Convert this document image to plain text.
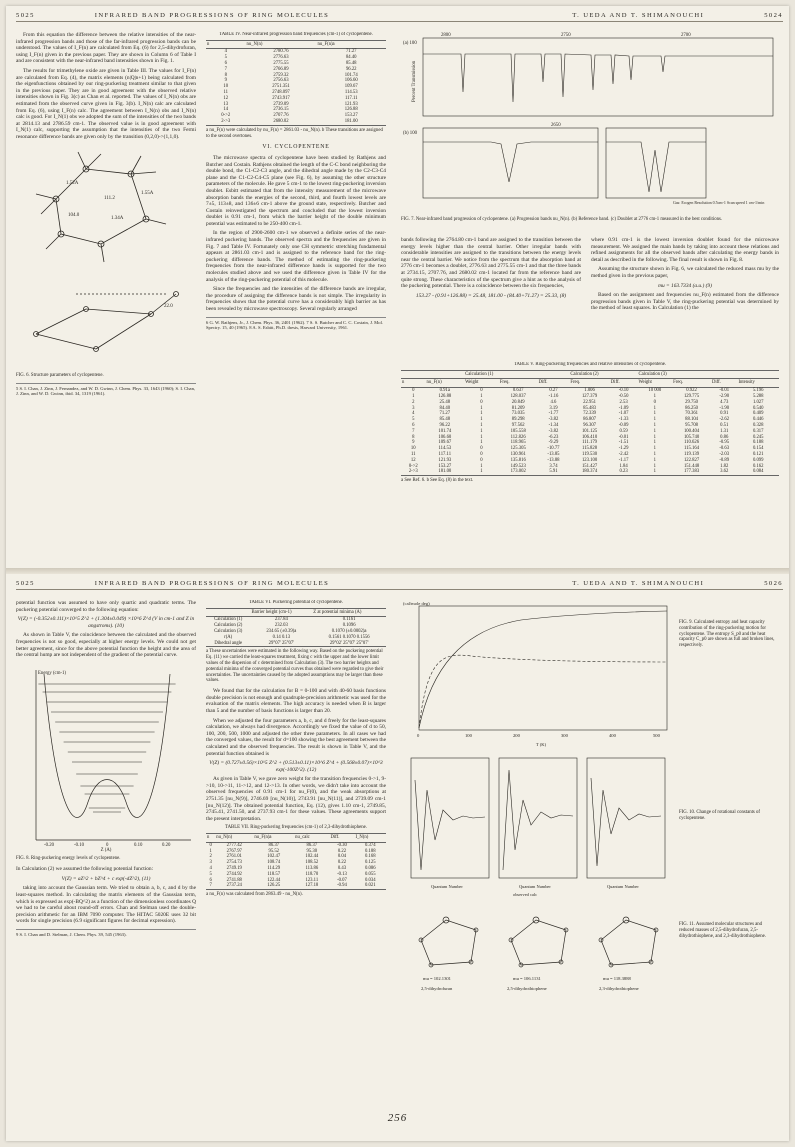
5025	INFRARED BAND PROGRESSIONS OF RING MOLECULES	T. UEDA AND T. SHIMANOUCHI	5024

From this equation the difference between the relative intensities of the near-infrared progression bands and those of the far-infrared progression bands can be understood. The values of I_F(n) are calculated from Eq. (6) for 2,5-dihydrofuran, using I_F(n) given in the previous paper. They are shown in Column 6 of Table I and are consistent with the near-infrared band intensities shown in Fig. 1.

The results for trimethylene oxide are given in Table III. The values for I_F(n) are calculated from Eq. (4), the matrix elements (n|Q|n+1) being calculated from the eigenfunctions obtained by our ring-puckering treatment similar to that given in the previous paper. They are in good agreement with the observed relative intensities shown in Fig. 3(c) as Chan et al. reported. The values of I_N(n) obs are estimated from the observed curve given in Fig. 3(b). I_N(n) calc are calculated from Eq. (6), using I_F(n) calc. The agreement between I_N(n) obs and I_N(n) calc is good. For I_N(1) obs we adopted the sum of the intensities of the two bands at 2814.13 and 2786.59 cm-1. The observed value is in good agreement with I_N(1) calc, supporting the assumption that the intensities of the two Fermi resonance difference bands are given only by the transition (0,2,0)->(1,1,0).

1.52A
1.55A
1.34A
104.0
111.2
22.0
FIG. 6. Structure parameters of cyclopentene.
5 S. I. Chan, J. Zinn, J. Fernandez, and W. D. Gwinn, J. Chem. Phys. 33, 1643 (1960); S. I. Chan, J. Zinn, and W. D. Gwinn, ibid. 34, 1319 (1961).
TABLE IV. Near-infrared progression band frequencies (cm-1) of cyclopentene.
n	nu_N(n)	nu_F(n)a
4	2780.76	71.27
5	2776.63	84.40
6	2775.55	85.48
7	2766.89	96.22
8	2759.32	101.74
9	2756.63	106.60
10	2751.351	109.67
11	2748.097	114.53
12	2743.917	117.11
13	2739.09	121.93
14	2736.15	126.88
0->2	2707.76	153.27
2->3	2680.02	181.00
a nu_F(n) were calculated by nu_F(n) = 2861.03 - nu_N(n). b These transitions are assigned to the second overtones.
VI. CYCLOPENTENE

The microwave spectra of cyclopentene have been studied by Rathjens and Butcher and Costain. Rathjens obtained the length of the C-C bond neighboring the double bond, the C1-C2-C3 angle, and the dihedral angle made by the C2-C3-C4 plane and the C1-C2-C4-C5 plane (see Fig. 6), by assuming the other structure parameters of the molecule. He gave 5 cm-1 to the lowest ring-puckering inversion doublet. Esbitt estimated that from the intensity measurement of the microwave absorption bands the energies of the second, third, and fourth lowest levels are 7±5, 113±8, and 136±6 cm-1 above the ground state, respectively. Butcher and Costain reinvestigated the spectrum and concluded that the lowest inversion doublet is 0.91 cm-1, from which the barrier height of the double minimum potential was estimated to be 250-400 cm-1.

In the region of 2900-2600 cm-1 we observed a definite series of the near-infrared puckering bands. The observed spectra and the frequencies are given in Fig. 7 and Table IV. Fortunately only one CH symmetric stretching fundamental appears at 2861.03 cm-1 and is assigned to the reference band for the ring-puckering difference bands. The method of estimating the ring-puckering frequencies from the near-infrared difference bands is supported for the two molecules studied above and we used the difference given in Table IV for the analysis of the ring-puckering potential of this molecule.

Since the frequencies and the intensities of the difference bands are irregular, the procedure of assigning the difference bands is not simple. The irregularity in frequencies shows that the potential curve has a considerably high barrier as has been revealed by microwave spectroscopy. Several regularly arranged

6 G. W. Rathjens, Jr., J. Chem. Phys. 36, 2401 (1962). 7 S. S. Butcher and C. C. Costain, J. Mol. Spectry. 15, 40 (1965). 8 A. S. Esbitt, Ph.D. thesis, Harvard University, 1961.
(a) 100
(b) 100
2800	2750	2700
2650
Gas: Ecogen Resolution 0.5cm-1 Scan speed 1 cm-1/min
Percent Transmission
FIG. 7. Near-infrared band progression of cyclopentene. (a) Progression bands nu_N(n). (b) Reference band. (c) Doublet at 2776 cm-1 measured in the best conditions.

bands following the 2764.80 cm-1 band are assigned to the transition between the energy levels higher than the central barrier. Other irregular bands with considerable intensities are assigned to the transitions between the energy levels near the central barrier. We notice from the spectrum that the absorption band at 2776 cm-1 becomes a doublet, 2776.63 and 2775.55 cm-1 and that the three bands at 2734.15, 2707.76, and 2680.02 cm-1 located far from the reference band are quite strong. These characteristics of the spectrum give a hint as to the analysis of the puckering potential. There is a coincidence between the six frequencies,

153.27 - (0.91+126.88) = 25.48, 181.00 - (84.40+71.27) = 25.33, (8)

where 0.91 cm-1 is the lowest inversion doublet found for the microwave measurement. We assigned the main bands by taking into account these relations and refined assignments for all the observed bands after calculating the energy bands in detail as described in the following. The final result is shown in Fig. 8.

Assuming the structure shown in Fig. 6, we calculated the reduced mass mu by the method given in the previous paper,

mu = 163.7334 (a.u.) (9)

Based on the assignment and frequencies nu_F(n) estimated from the difference progression bands given in Table V, the ring-puckering potential was determined by the method of least squares. In Calculation (1) the

TABLE V. Ring-puckering frequencies and relative intensities of cyclopentene.
		Calculation (1)			Calculation (2)		Calculation (3)			
n	nu_F(n)	Weight	Freq.	Diff.	Freq.	Diff.	Weight	Freq.	Diff.	Intensity
0	0.91a	0	0.637	0.27	1.006	-0.10	10 000	0.922	-0.01	5.196
1	126.88	1	128.037	-1.16	127.379	-0.50	1	129.775	-2.90	5.288
2	25.48	0	20.849	4.6	22.951	2.53	0	29.750	4.73	1.027
3	84.40	1	81.209	3.19	85.483	-1.09	1	86.250	-1.90	0.540
4	71.27	1	73.035	-1.77	72.339	-1.07	1	70.361	0.91	0.409
5	85.48	1	89.298	-3.82	86.807	-1.33	1	88.104	-2.62	0.446
6	96.22	1	97.562	-1.34	96.307	-0.09	1	95.708	0.51	0.328
7	101.74	1	105.558	-3.82	101.125	0.59	1	100.404	1.31	0.317
8	106.60	1	112.826	-6.23	106.410	-0.01	1	105.740	0.86	0.245
9	109.67	1	118.965	-9.29	111.179	-1.51	1	110.626	-0.95	0.188
10	114.53	0	125.305	-10.77	115.828	-1.29	1	115.164	-0.63	0.154
11	117.11	0	130.961	-13.85	119.530	-2.42	1	119.139	-2.03	0.121
12	121.93	0	135.816	-13.88	123.100	-1.17	1	122.827	-0.89	0.099
0->2	153.27	1	149.523	3.74	151.427	1.84	1	151.448	1.82	0.162
2->3	181.00	1	173.002	5.91	180.374	0.23	1	177.383	3.62	0.084
a See Ref. 6. b See Eq. (8) in the text.
5025	INFRARED BAND PROGRESSIONS OF RING MOLECULES	T. UEDA AND T. SHIMANOUCHI	5026

potential function was assumed to have only quartic and quadratic terms. The puckering potential converged to the following equation:

V(Z) = (-0.352±0.111)×10^5 Z^2 + (1.304±0.049) ×10^6 Z^4 (V in cm-1 and Z in angstroms). (10)

As shown in Table V, the coincidence between the calculated and the observed frequencies is not so good, especially at higher energy levels. We could not get better agreement, since for the above potential function the height and the area of the central hump are not independent of the gradient of the potential curve.

Energy (cm-1)
Z (A)
-0.20	-0.10	0	0.10	0.20
FIG. 8. Ring-puckering energy levels of cyclopentene.

In Calculation (2) we assumed the following potential function:

V(Z) = aZ^2 + bZ^4 + c exp(-dZ^2), (11)

taking into account the Gaussian term. We tried to obtain a, b, c, and d by the least-squares method. In calculating the matrix elements of the Gaussian term, which is expressed as exp(-BQ^2) as a function of the dimensionless coordinates Q we had to be careful about round-off errors. Chan and Stelman used the double-precision arithmetic for an IBM 7090 computer. The HITAC 5020E uses 32 bit words for single precision (6.9 significant figures for decimal expression).

9 S. I. Chan and D. Stelman, J. Chem. Phys. 39, 545 (1963).
TABLE VI. Puckering potential of cyclopentene.
	Barrier height (cm-1)	Z at potential minima (A)
Calculation (1)	237.84	0.1161
Calculation (2)	232.03	0.1096
Calculation (3)	234.65 (±0.39)a	0.1070 (±0.0002)a
r(A)	0.14 0.13	0.1561 0.1070 0.1556
Dihedral angle	29°07' 25°07'	29°02' 25°07' 25°07'
a These uncertainties were estimated in the following way. Based on the puckering potential Eq. (11) we carried the least-squares treatment, fixing c with the upper and the lower limit values of the dispersion of c determined from Calculation (3). The two barrier heights and potential minima of the converged potential curves thus obtained were regarded to give their uncertainties. The uncertainties caused by the adopted assumptions may be larger than these values.

We found that for the calculation for B = 0-100 and with 40-60 basis functions double precision is not enough and quadruple-precision arithmetic was used for the evaluation of the matrix elements. The high accuracy is needed when B is larger than 5 and the number of basis functions is larger than 20.

When we adjusted the four parameters a, b, c, and d freely for the least-squares calculation, we always had divergence. Accordingly we fixed the value of d to 50, 100, 200, 500, 1000 and adjusted the other three parameters. In all cases we had the converged values, the result for d=100 showing the best agreement between the calculated and the observed frequencies. The result is shown in Table V, and the potential function obtained is

V(Z) = (0.727±0.56)×10^5 Z^2 + (0.513±0.11)×10^6 Z^4 + (0.568±0.07)×10^3 exp(-100Z^2). (12)

As given in Table V, we gave zero weight for the transition frequencies 0->1, 9->10, 10->11, 11->12, and 12->13. In other words, we didn't take into account the observed frequencies of 0.91 cm-1 for nu_F(0), and the weak absorptions at 2751.35 [nu_N(9)], 2746.69 [nu_N(10)], 2743.91 [nu_N(11)], and 2739.09 cm-1 [nu_N(12)]. The obtained potential function, Eq. (12), gives 1.10 cm-1, 2749.85, 2745.41, 2741.50, and 2737.93 cm-1 for these values. These agreements support the present interpretation.

TABLE VII. Ring-puckering frequencies (cm-1) of 2,3-dihydrothiophene.
n	nu_N(n)	nu_F(n)a	nu_calc	Diff.	I_N(n)
0	2777.42	86.37	86.37	-0.30	0.374
1	2767.97	95.52	95.30	0.22	0.188
2	2761.01	102.47	102.44	0.04	0.168
3	2754.73	108.74	108.52	0.22	0.125
4	2749.19	114.29	113.86	0.43	0.086
5	2744.92	118.57	118.70	-0.13	0.055
6	2741.88	122.44	123.11	-0.07	0.034
7	2737.24	126.25	127.18	-0.94	0.021
a nu_F(n) was calculated from 2863.49 - nu_N(n).
(cal/mole deg)
T (K)
0	100	200	300	400	500
FIG. 9. Calculated entropy and heat capacity contribution of the ring-puckering motion for cyclopentene. The entropy S_p0 and the heat capacity C_p0 are shown as full and broken lines, respectively.
Quantum Number	Quantum Number	Quantum Number
observed calc
FIG. 10. Change of rotational constants of cyclopentene.
mu = 102.1301	mu = 106.1131	mu = 118.3888
2,5-dihydrofuran	2,5-dihydrothiophene	2,3-dihydrothiophene
FIG. 11. Assumed molecular structures and reduced masses of 2,5-dihydrofuran, 2,5-dihydrothiophene, and 2,3-dihydrothiophene.
256
